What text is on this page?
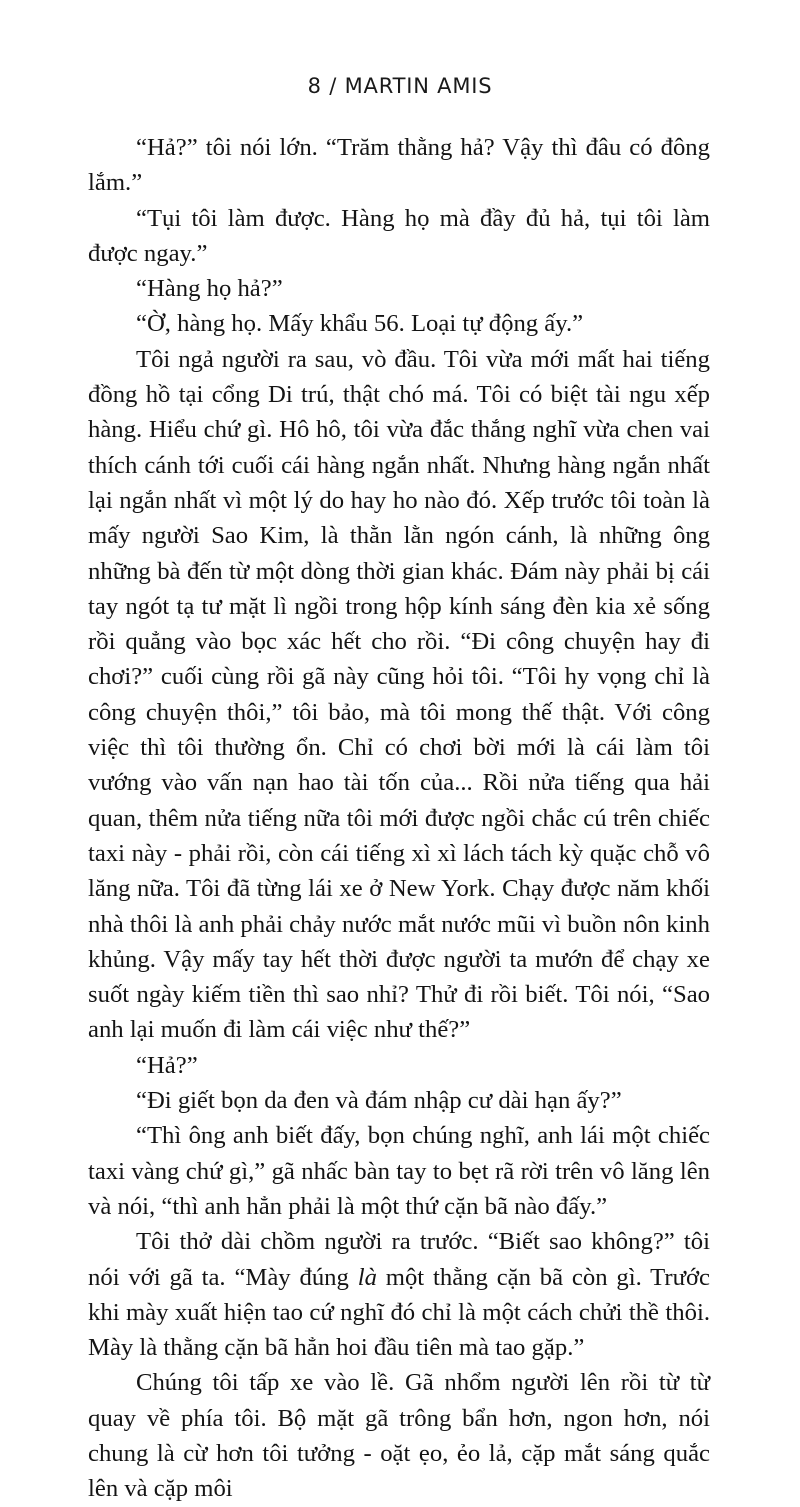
8 / MARTIN AMIS

“Hả?” tôi nói lớn. “Trăm thằng hả? Vậy thì đâu có đông lắm.”

“Tụi tôi làm được. Hàng họ mà đầy đủ hả, tụi tôi làm được ngay.”

“Hàng họ hả?”

“Ờ, hàng họ. Mấy khẩu 56. Loại tự động ấy.”

Tôi ngả người ra sau, vò đầu. Tôi vừa mới mất hai tiếng đồng hồ tại cổng Di trú, thật chó má. Tôi có biệt tài ngu xếp hàng. Hiểu chứ gì. Hô hô, tôi vừa đắc thắng nghĩ vừa chen vai thích cánh tới cuối cái hàng ngắn nhất. Nhưng hàng ngắn nhất lại ngắn nhất vì một lý do hay ho nào đó. Xếp trước tôi toàn là mấy người Sao Kim, là thằn lằn ngón cánh, là những ông những bà đến từ một dòng thời gian khác. Đám này phải bị cái tay ngót tạ tư mặt lì ngồi trong hộp kính sáng đèn kia xẻ sống rồi quẳng vào bọc xác hết cho rồi. “Đi công chuyện hay đi chơi?” cuối cùng rồi gã này cũng hỏi tôi. “Tôi hy vọng chỉ là công chuyện thôi,” tôi bảo, mà tôi mong thế thật. Với công việc thì tôi thường ổn. Chỉ có chơi bời mới là cái làm tôi vướng vào vấn nạn hao tài tốn của... Rồi nửa tiếng qua hải quan, thêm nửa tiếng nữa tôi mới được ngồi chắc cú trên chiếc taxi này - phải rồi, còn cái tiếng xì xì lách tách kỳ quặc chỗ vô lăng nữa. Tôi đã từng lái xe ở New York. Chạy được năm khối nhà thôi là anh phải chảy nước mắt nước mũi vì buồn nôn kinh khủng. Vậy mấy tay hết thời được người ta mướn để chạy xe suốt ngày kiếm tiền thì sao nhỉ? Thử đi rồi biết. Tôi nói, “Sao anh lại muốn đi làm cái việc như thế?”

“Hả?”

“Đi giết bọn da đen và đám nhập cư dài hạn ấy?”

“Thì ông anh biết đấy, bọn chúng nghĩ, anh lái một chiếc taxi vàng chứ gì,” gã nhấc bàn tay to bẹt rã rời trên vô lăng lên và nói, “thì anh hẳn phải là một thứ cặn bã nào đấy.”

Tôi thở dài chồm người ra trước. “Biết sao không?” tôi nói với gã ta. “Mày đúng là một thằng cặn bã còn gì. Trước khi mày xuất hiện tao cứ nghĩ đó chỉ là một cách chửi thề thôi. Mày là thằng cặn bã hẳn hoi đầu tiên mà tao gặp.”

Chúng tôi tấp xe vào lề. Gã nhổm người lên rồi từ từ quay về phía tôi. Bộ mặt gã trông bẩn hơn, ngon hơn, nói chung là cừ hơn tôi tưởng - oặt ẹo, ẻo lả, cặp mắt sáng quắc lên và cặp môi
